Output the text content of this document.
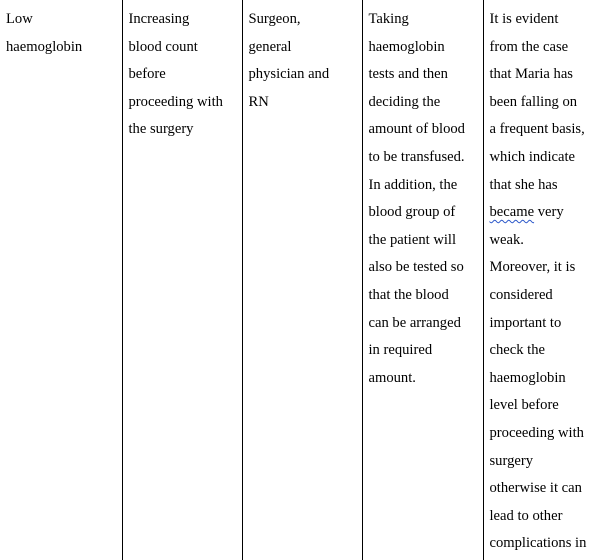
Low
haemoglobin

Increasing
blood count
before
proceeding with
the surgery

Surgeon,
general
physician and
RN

Taking
haemoglobin
tests and then
deciding the
amount of blood
to be transfused.
In addition, the
blood group of
the patient will
also be tested so
that the blood
can be arranged
in required
amount.

It is evident
from the case
that Maria has
been falling on
a frequent basis,
which indicate
that she has
became very
weak.
Moreover, it is
considered
important to
check the
haemoglobin
level before
proceeding with
surgery
otherwise it can
lead to other
complications in
